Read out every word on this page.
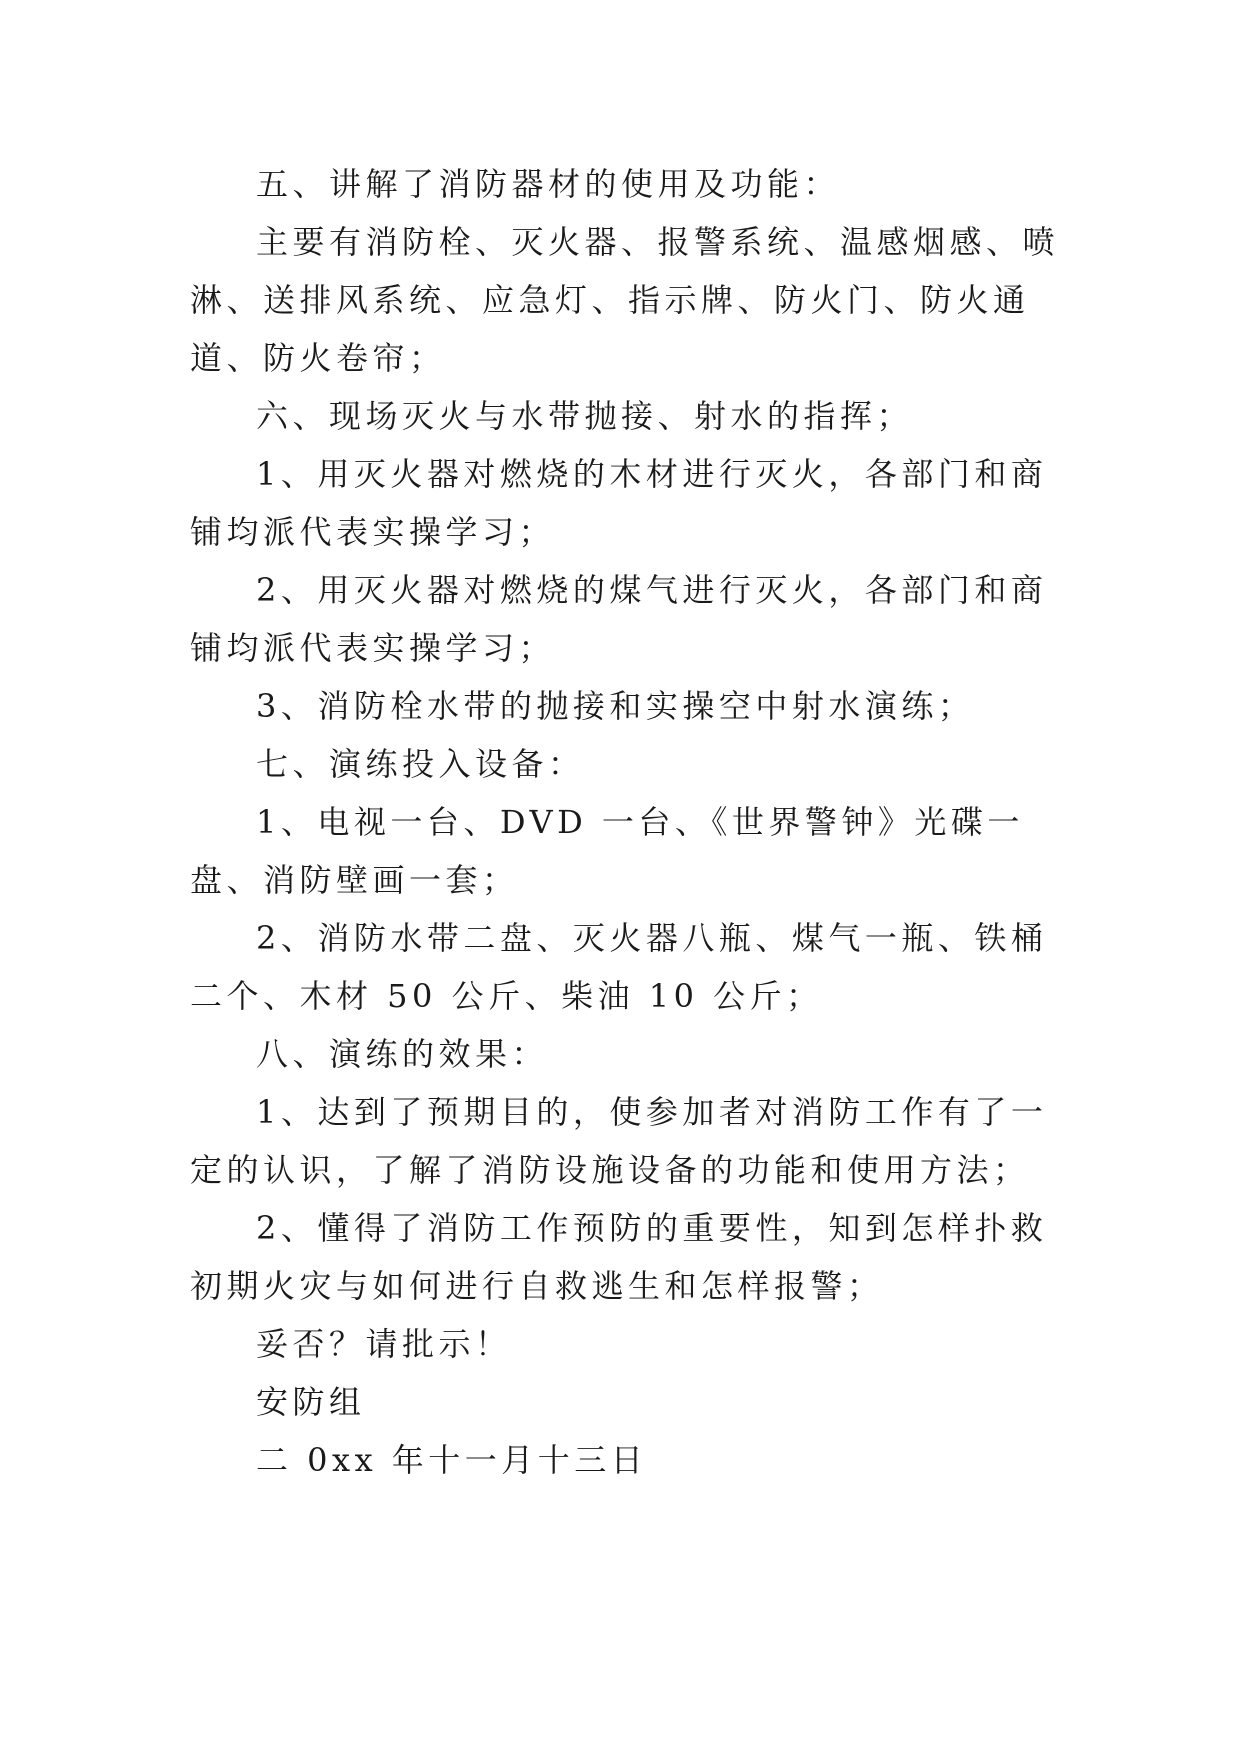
五、讲解了消防器材的使用及功能：

主要有消防栓、灭火器、报警系统、温感烟感、喷淋、送排风系统、应急灯、指示牌、防火门、防火通道、防火卷帘；

六、现场灭火与水带抛接、射水的指挥；

1、用灭火器对燃烧的木材进行灭火，各部门和商铺均派代表实操学习；

2、用灭火器对燃烧的煤气进行灭火，各部门和商铺均派代表实操学习；

3、消防栓水带的抛接和实操空中射水演练；

七、演练投入设备：

1、电视一台、DVD 一台、《世界警钟》光碟一盘、消防壁画一套；

2、消防水带二盘、灭火器八瓶、煤气一瓶、铁桶二个、木材 50 公斤、柴油 10 公斤；

八、演练的效果：

1、达到了预期目的，使参加者对消防工作有了一定的认识，了解了消防设施设备的功能和使用方法；

2、懂得了消防工作预防的重要性，知到怎样扑救初期火灾与如何进行自救逃生和怎样报警；

妥否？请批示！

安防组

二 0xx 年十一月十三日
